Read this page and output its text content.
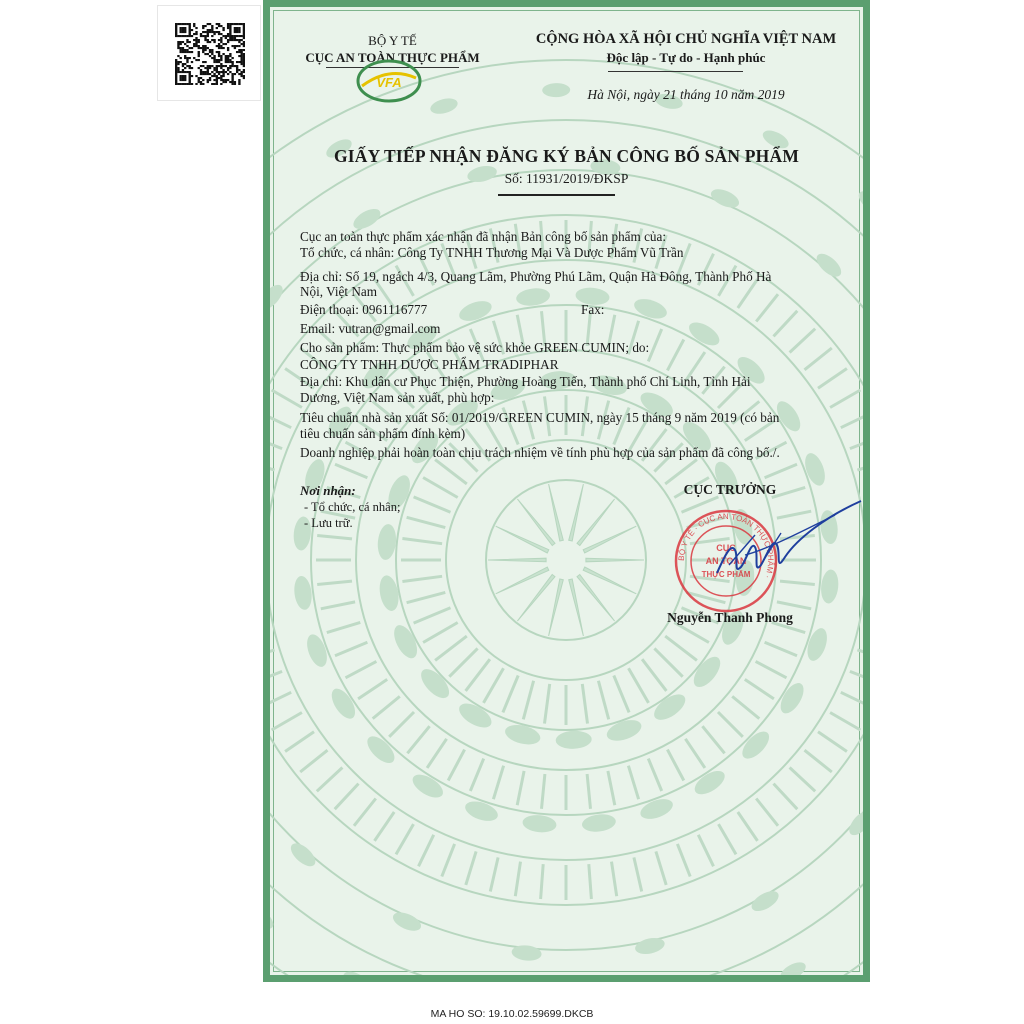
BỘ Y TẾ
CỤC AN TOÀN THỰC PHẨM
VFA
CỘNG HÒA XÃ HỘI CHỦ NGHĨA VIỆT NAM
Độc lập - Tự do - Hạnh phúc
Hà Nội, ngày 21 tháng 10 năm 2019
GIẤY TIẾP NHẬN ĐĂNG KÝ BẢN CÔNG BỐ SẢN PHẨM
Số: 11931/2019/ĐKSP
Cục an toàn thực phẩm xác nhận đã nhận Bản công bố sản phẩm của:
Tổ chức, cá nhân: Công Ty TNHH Thương Mại Và Dược Phẩm Vũ Trần
Địa chỉ: Số 19, ngách 4/3, Quang Lãm, Phường Phú Lãm, Quận Hà Đông, Thành Phố Hà
Nội, Việt Nam
Điện thoại: 0961116777	Fax:
Email: vutran@gmail.com
Cho sản phẩm: Thực phẩm bảo vệ sức khỏe GREEN CUMIN; do:
CÔNG TY TNHH DƯỢC PHẨM TRADIPHAR
Địa chỉ: Khu dân cư Phục Thiện, Phường Hoàng Tiến, Thành phố Chí Linh, Tỉnh Hải
Dương, Việt Nam sản xuất, phù hợp:
Tiêu chuẩn nhà sản xuất Số: 01/2019/GREEN CUMIN, ngày 15 tháng 9 năm 2019 (có bản
tiêu chuẩn sản phẩm đính kèm)
Doanh nghiệp phải hoàn toàn chịu trách nhiệm về tính phù hợp của sản phẩm đã công bố./.
Nơi nhận:
- Tổ chức, cá nhân;
- Lưu trữ.
CỤC TRƯỞNG
BỘ Y TẾ · CỤC AN TOÀN THỰC PHẨM ·
CỤC
AN TOÀN
THỰC PHẨM
Nguyễn Thanh Phong
MA HO SO: 19.10.02.59699.DKCB
